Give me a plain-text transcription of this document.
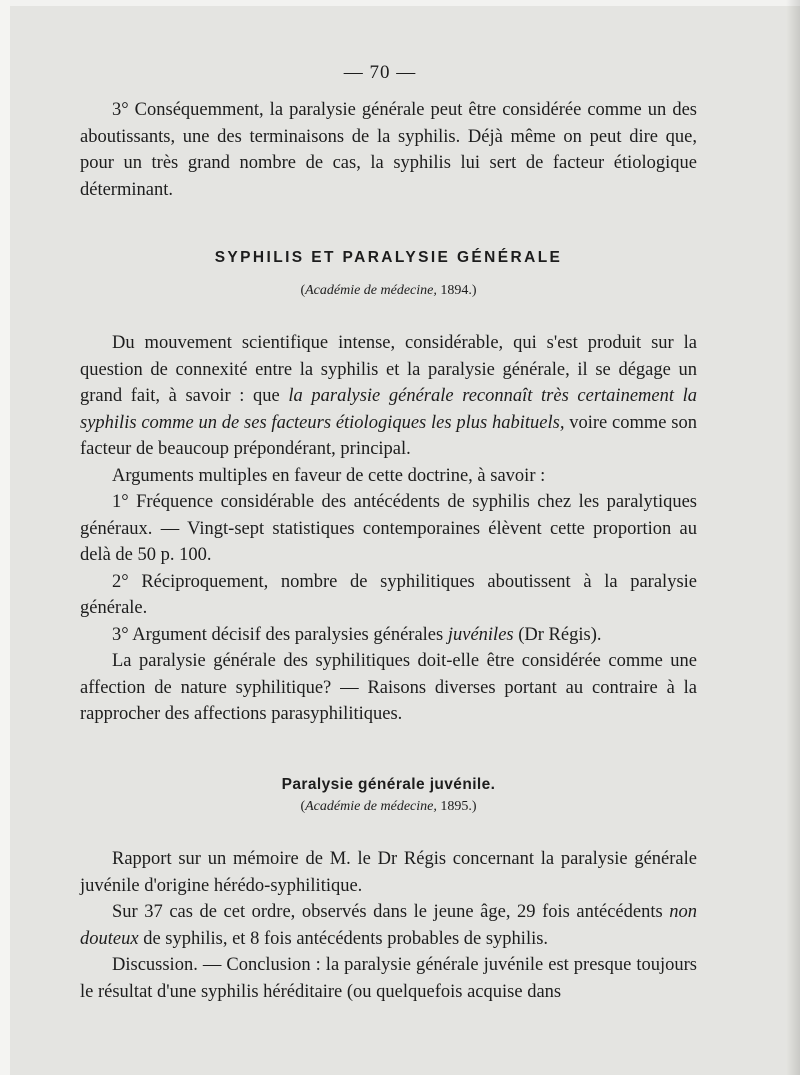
— 70 —

3° Conséquemment, la paralysie générale peut être considérée comme un des aboutissants, une des terminaisons de la syphilis. Déjà même on peut dire que, pour un très grand nombre de cas, la syphilis lui sert de facteur étiologique déterminant.

SYPHILIS ET PARALYSIE GÉNÉRALE

(Académie de médecine, 1894.)

Du mouvement scientifique intense, considérable, qui s'est produit sur la question de connexité entre la syphilis et la paralysie générale, il se dégage un grand fait, à savoir : que la paralysie générale reconnaît très certainement la syphilis comme un de ses facteurs étiologiques les plus habituels, voire comme son facteur de beaucoup prépondérant, principal.

Arguments multiples en faveur de cette doctrine, à savoir :

1° Fréquence considérable des antécédents de syphilis chez les paralytiques généraux. — Vingt-sept statistiques contemporaines élèvent cette proportion au delà de 50 p. 100.

2° Réciproquement, nombre de syphilitiques aboutissent à la paralysie générale.

3° Argument décisif des paralysies générales juvéniles (Dr Régis).

La paralysie générale des syphilitiques doit-elle être considérée comme une affection de nature syphilitique? — Raisons diverses portant au contraire à la rapprocher des affections parasyphilitiques.

Paralysie générale juvénile.

(Académie de médecine, 1895.)

Rapport sur un mémoire de M. le Dr Régis concernant la paralysie générale juvénile d'origine hérédo-syphilitique.

Sur 37 cas de cet ordre, observés dans le jeune âge, 29 fois antécédents non douteux de syphilis, et 8 fois antécédents probables de syphilis.

Discussion. — Conclusion : la paralysie générale juvénile est presque toujours le résultat d'une syphilis héréditaire (ou quelquefois acquise dans
